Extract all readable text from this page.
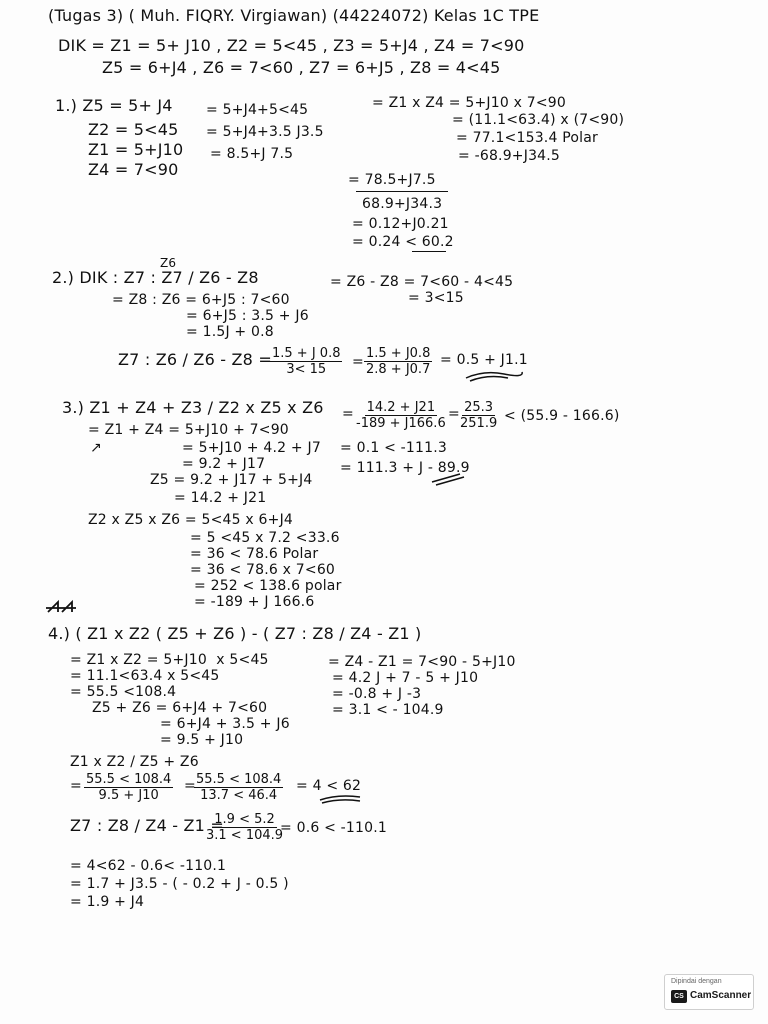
(Tugas 3) ( Muh. FIQRY. Virgiawan) (44224072) Kelas 1C TPE
DIK = Z1 = 5+ J10 , Z2 = 5<45 , Z3 = 5+J4 , Z4 = 7<90
Z5 = 6+J4 , Z6 = 7<60 , Z7 = 6+J5 , Z8 = 4<45
1.) Z5 = 5+ J4
Z2 = 5<45
Z1 = 5+J10
Z4 = 7<90
= 5+J4+5<45
= 5+J4+3.5 J3.5
= 8.5+J 7.5
= Z1 x Z4 = 5+J10 x 7<90
= (11.1<63.4) x (7<90)
= 77.1<153.4 Polar
= -68.9+J34.5
= 78.5+J7.5
68.9+J34.3
= 0.12+J0.21
= 0.24 < 60.2
Z6
2.) DIK : Z7 : Z7 / Z6 - Z8
= Z8 : Z6 = 6+J5 : 7<60
= 6+J5 : 3.5 + J6
= 1.5J + 0.8
= Z6 - Z8 = 7<60 - 4<45
= 3<15
Z7 : Z6 / Z6 - Z8 =
$\frac{1.5 + J 0.8}{3< 15} = \frac{1.5 + J0.8}{2.8 + J0.7} = 0.5 + J1.1$
3.) Z1 + Z4 + Z3 / Z2 x Z5 x Z6
= Z1 + Z4 = 5+J10 + 7<90
↗	= 5+J10 + 4.2 + J7
= 9.2 + J17
Z5 = 9.2 + J17 + 5+J4
= 14.2 + J21
= $\frac{14.2 + J21}{-189 + J166.6}$ =
$\frac{25.3}{251.9} < (55.9 - 166.6)$
= 0.1 < -111.3
= 111.3 + J - 89.9
Z2 x Z5 x Z6 = 5<45 x 6+J4
= 5 <45 x 7.2 <33.6
= 36 < 78.6 Polar
= 36 < 78.6 x 7<60
= 252 < 138.6 polar
= -189 + J 166.6
4.) ( Z1 x Z2 ( Z5 + Z6 ) - ( Z7 : Z8 / Z4 - Z1 )
= Z1 x Z2 = 5+J10  x 5<45
= 11.1<63.4 x 5<45
= 55.5 <108.4
Z5 + Z6 = 6+J4 + 7<60
= 6+J4 + 3.5 + J6
= 9.5 + J10
= Z4 - Z1 = 7<90 - 5+J10
= 4.2 J + 7 - 5 + J10
= -0.8 + J -3
= 3.1 < - 104.9
Z1 x Z2 / Z5 + Z6
= $\frac{55.5 < 108.4}{9.5 + J10}$ =
$\frac{55.5 < 108.4}{13.7 < 46.4} = 4 < 62$
Z7 : Z8 / Z4 - Z1 =
$\frac{1.9 < 5.2}{3.1 < 104.9}$
= 0.6 < -110.1
= 4<62 - 0.6< -110.1
= 1.7 + J3.5 - ( - 0.2 + J - 0.5 )
= 1.9 + J4
Dipindai dengan
CS CamScanner
